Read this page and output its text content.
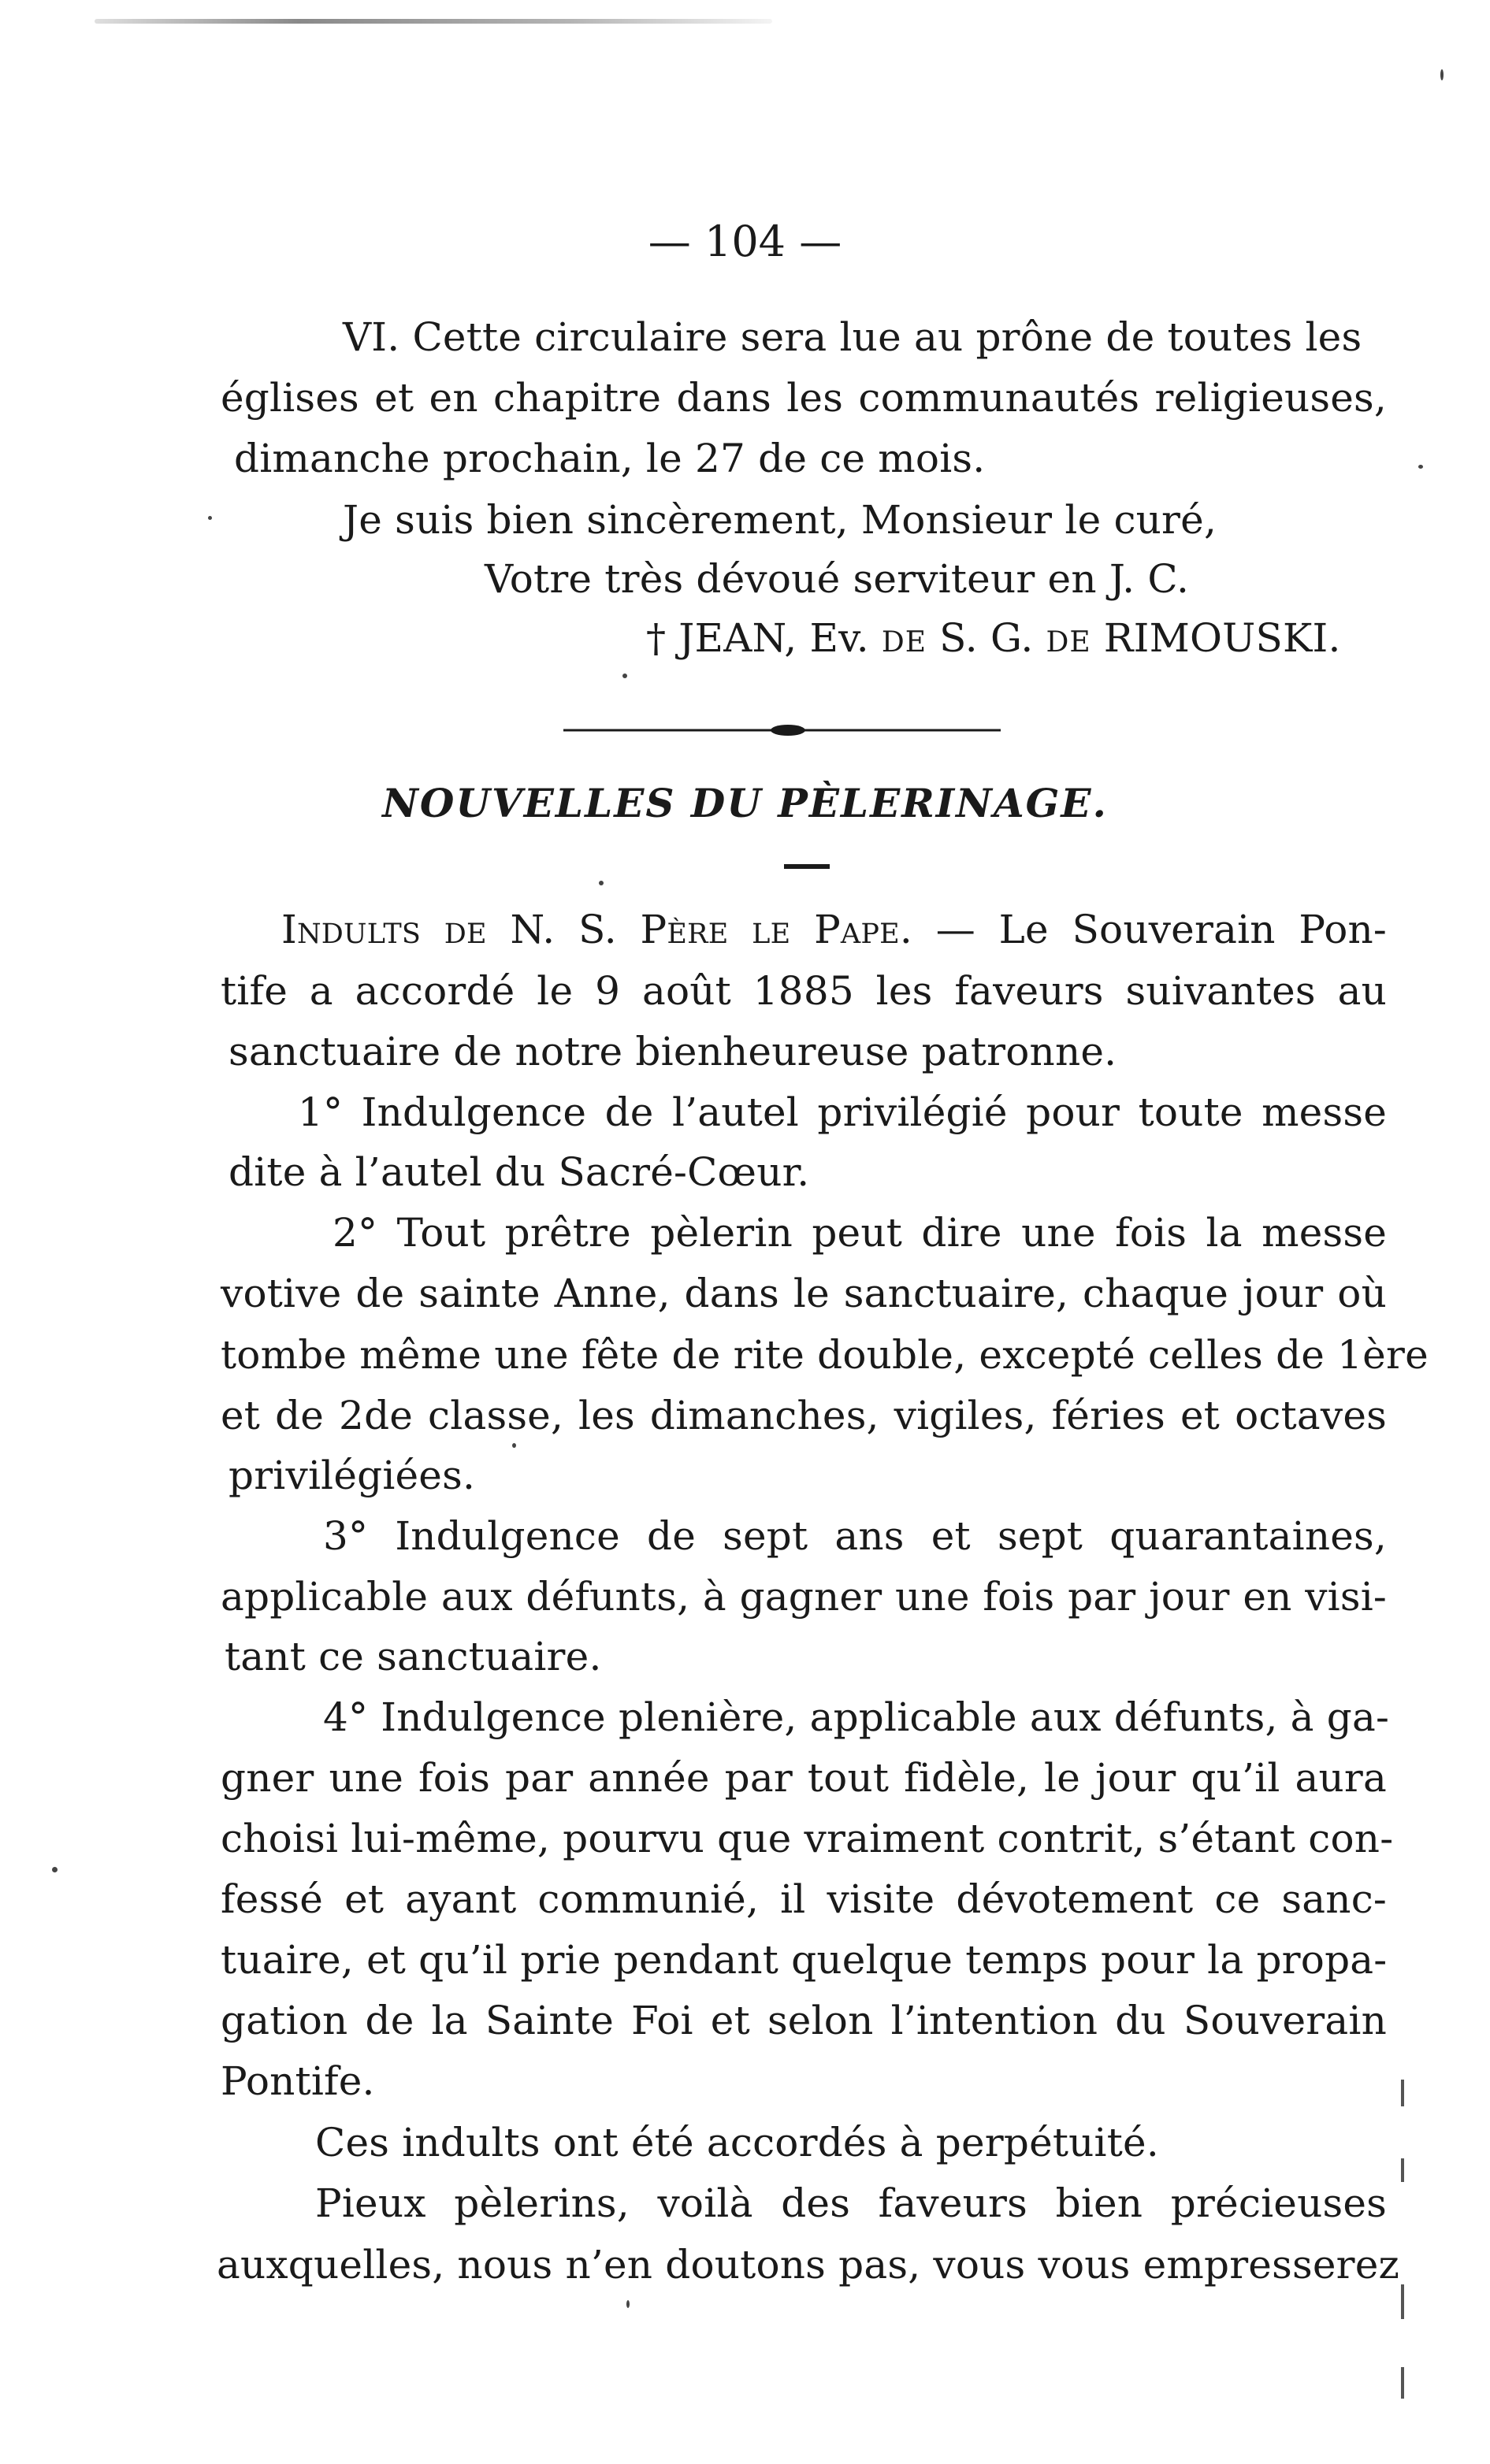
— 104 —
VI. Cette circulaire sera lue au prône de toutes les
églises et en chapitre dans les communautés religieuses,
dimanche prochain, le 27 de ce mois.
Je suis bien sincèrement, Monsieur le curé,
Votre très dévoué serviteur en J. C.
† JEAN, Ev. DE S. G. DE RIMOUSKI.
NOUVELLES DU PÈLERINAGE.
Indults de N. S. Père le Pape. — Le Souverain Pon-
tife a accordé le 9 août 1885 les faveurs suivantes au
sanctuaire de notre bienheureuse patronne.
1° Indulgence de l’autel privilégié pour toute messe
dite à l’autel du Sacré-Cœur.
2° Tout prêtre pèlerin peut dire une fois la messe
votive de sainte Anne, dans le sanctuaire, chaque jour où
tombe même une fête de rite double, excepté celles de 1ère
et de 2de classe, les dimanches, vigiles, féries et octaves
privilégiées.
3° Indulgence de sept ans et sept quarantaines,
applicable aux défunts, à gagner une fois par jour en visi-
tant ce sanctuaire.
4° Indulgence plenière, applicable aux défunts, à ga-
gner une fois par année par tout fidèle, le jour qu’il aura
choisi lui-même, pourvu que vraiment contrit, s’étant con-
fessé et ayant communié, il visite dévotement ce sanc-
tuaire, et qu’il prie pendant quelque temps pour la propa-
gation de la Sainte Foi et selon l’intention du Souverain
Pontife.
Ces indults ont été accordés à perpétuité.
Pieux pèlerins, voilà des faveurs bien précieuses
auxquelles, nous n’en doutons pas, vous vous empresserez
